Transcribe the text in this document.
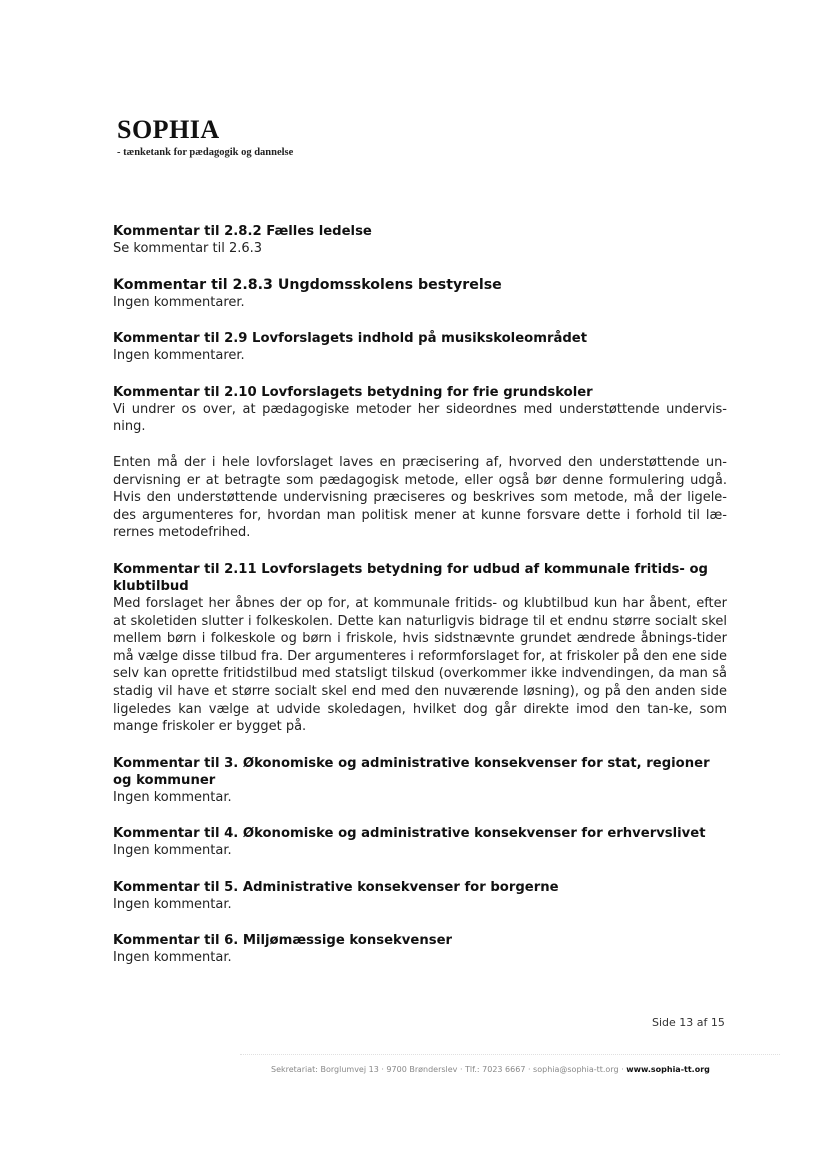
SOPHIA
- tænketank for pædagogik og dannelse
Kommentar til 2.8.2 Fælles ledelse
Se kommentar til 2.6.3
Kommentar til 2.8.3 Ungdomsskolens bestyrelse
Ingen kommentarer.
Kommentar til 2.9 Lovforslagets indhold på musikskoleområdet
Ingen kommentarer.
Kommentar til 2.10 Lovforslagets betydning for frie grundskoler
Vi undrer os over, at pædagogiske metoder her sideordnes med understøttende undervis-ning.
Enten må der i hele lovforslaget laves en præcisering af, hvorved den understøttende un-dervisning er at betragte som pædagogisk metode, eller også bør denne formulering udgå. Hvis den understøttende undervisning præciseres og beskrives som metode, må der ligele-des argumenteres for, hvordan man politisk mener at kunne forsvare dette i forhold til læ-rernes metodefrihed.
Kommentar til 2.11 Lovforslagets betydning for udbud af kommunale fritids- og klubtilbud
Med forslaget her åbnes der op for, at kommunale fritids- og klubtilbud kun har åbent, efter at skoletiden slutter i folkeskolen. Dette kan naturligvis bidrage til et endnu større socialt skel mellem børn i folkeskole og børn i friskole, hvis sidstnævnte grundet ændrede åbnings-tider må vælge disse tilbud fra. Der argumenteres i reformforslaget for, at friskoler på den ene side selv kan oprette fritidstilbud med statsligt tilskud (overkommer ikke indvendingen, da man så stadig vil have et større socialt skel end med den nuværende løsning), og på den anden side ligeledes kan vælge at udvide skoledagen, hvilket dog går direkte imod den tan-ke, som mange friskoler er bygget på.
Kommentar til 3. Økonomiske og administrative konsekvenser for stat, regioner og kommuner
Ingen kommentar.
Kommentar til 4. Økonomiske og administrative konsekvenser for erhvervslivet
Ingen kommentar.
Kommentar til 5. Administrative konsekvenser for borgerne
Ingen kommentar.
Kommentar til 6. Miljømæssige konsekvenser
Ingen kommentar.
Side 13 af 15
Sekretariat: Borglumvej 13 · 9700 Brønderslev · Tlf.: 7023 6667 · sophia@sophia-tt.org · www.sophia-tt.org
